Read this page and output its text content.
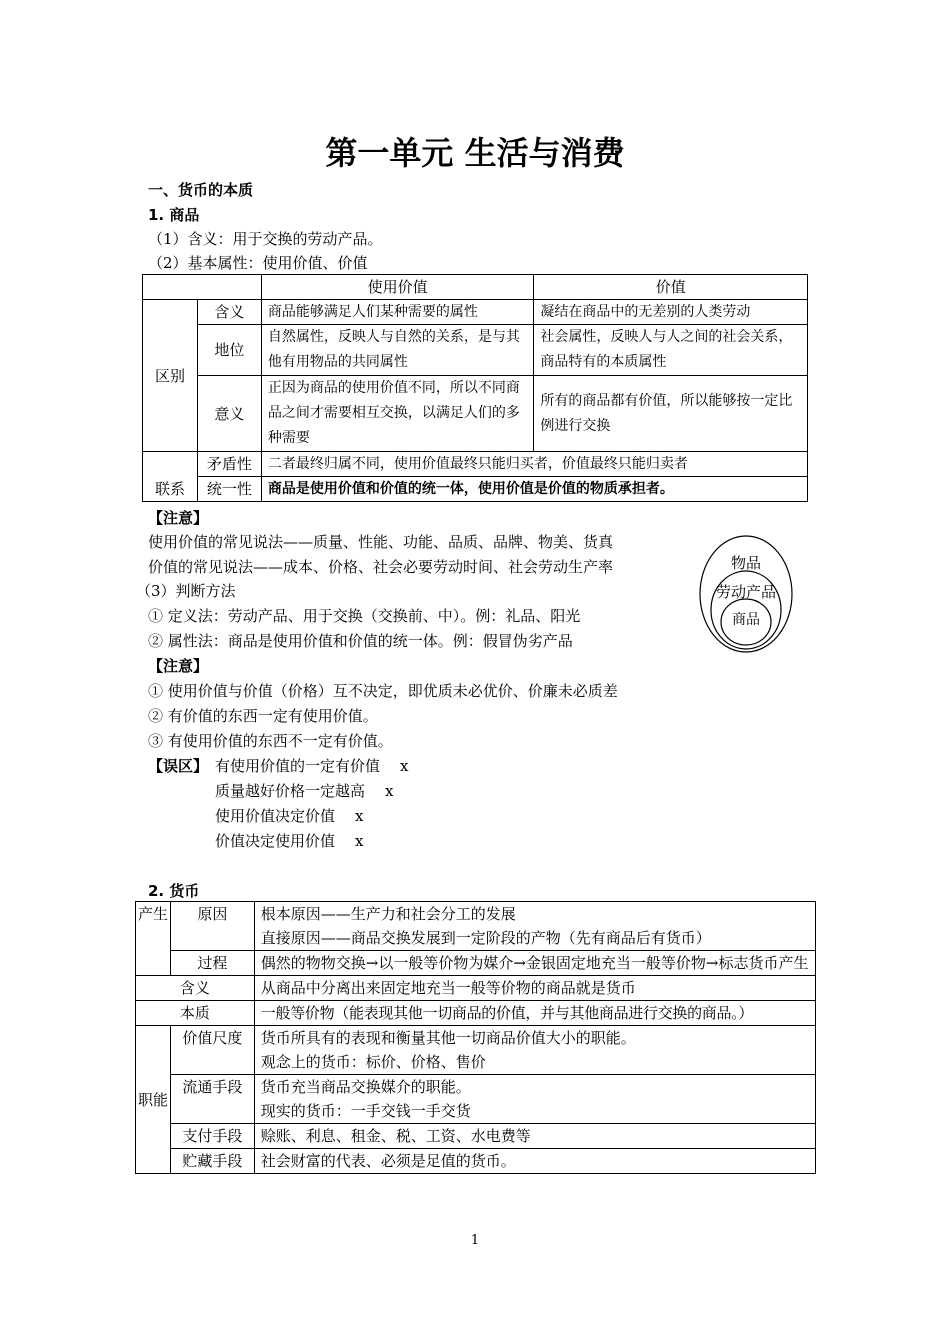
第一单元 生活与消费
一、货币的本质
1. 商品
（1）含义：用于交换的劳动产品。
（2）基本属性：使用价值、价值
		使用价值	价值
区别	含义	商品能够满足人们某种需要的属性	凝结在商品中的无差别的人类劳动
	地位	自然属性，反映人与自然的关系，是与其他有用物品的共同属性	社会属性，反映人与人之间的社会关系，商品特有的本质属性
	意义	正因为商品的使用价值不同，所以不同商品之间才需要相互交换，以满足人们的多种需要	所有的商品都有价值，所以能够按一定比例进行交换
	矛盾性	二者最终归属不同，使用价值最终只能归买者，价值最终只能归卖者	
联系	统一性	商品是使用价值和价值的统一体，使用价值是价值的物质承担者。	
【注意】
使用价值的常见说法——质量、性能、功能、品质、品牌、物美、货真
价值的常见说法——成本、价格、社会必要劳动时间、社会劳动生产率
（3）判断方法
① 定义法：劳动产品、用于交换（交换前、中）。例：礼品、阳光
② 属性法：商品是使用价值和价值的统一体。例：假冒伪劣产品
物品
劳动产品
商品
【注意】
① 使用价值与价值（价格）互不决定，即优质未必优价、价廉未必质差
② 有价值的东西一定有使用价值。
③ 有使用价值的东西不一定有价值。
【误区】 有使用价值的一定有价值 x
质量越好价格一定越高 x
使用价值决定价值 x
价值决定使用价值 x
2. 货币
产生	原因	根本原因——生产力和社会分工的发展
直接原因——商品交换发展到一定阶段的产物（先有商品后有货币）

	过程	偶然的物物交换→以一般等价物为媒介→金银固定地充当一般等价物→标志货币产生
含义		从商品中分离出来固定地充当一般等价物的商品就是货币
本质		一般等价物（能表现其他一切商品的价值，并与其他商品进行交换的商品。）

职能	价值尺度	货币所具有的表现和衡量其他一切商品价值大小的职能。
观念上的货币：标价、价格、售价

	流通手段	货币充当商品交换媒介的职能。
现实的货币：一手交钱一手交货

	支付手段	赊账、利息、租金、税、工资、水电费等
	贮藏手段	社会财富的代表、必须是足值的货币。
1
